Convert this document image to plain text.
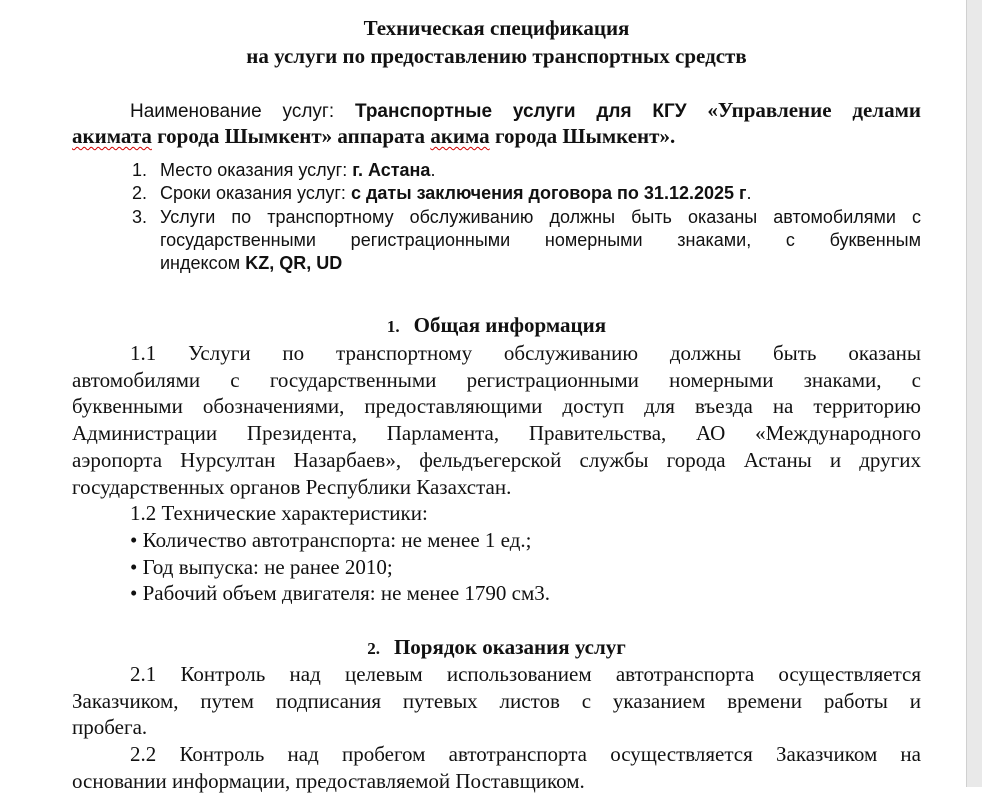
Техническая спецификация
на услуги по предоставлению транспортных средств
Наименование услуг: Транспортные услуги для КГУ «Управление делами
акимата города Шымкент» аппарата акима города Шымкент».
1. Место оказания услуг: г. Астана.
2. Сроки оказания услуг: с даты заключения договора по 31.12.2025 г.
3. Услуги по транспортному обслуживанию должны быть оказаны автомобилями с
государственными регистрационными номерными знаками, с буквенным
индексом KZ, QR, UD
1. Общая информация
1.1 Услуги по транспортному обслуживанию должны быть оказаны
автомобилями с государственными регистрационными номерными знаками, с
буквенными обозначениями, предоставляющими доступ для въезда на территорию
Администрации Президента, Парламента, Правительства, АО «Международного
аэропорта Нурсултан Назарбаев», фельдъегерской службы города Астаны и других
государственных органов Республики Казахстан.
1.2 Технические характеристики:
• Количество автотранспорта: не менее 1 ед.;
• Год выпуска: не ранее 2010;
• Рабочий объем двигателя: не менее 1790 см3.
2. Порядок оказания услуг
2.1 Контроль над целевым использованием автотранспорта осуществляется
Заказчиком, путем подписания путевых листов с указанием времени работы и
пробега.
2.2 Контроль над пробегом автотранспорта осуществляется Заказчиком на
основании информации, предоставляемой Поставщиком.
